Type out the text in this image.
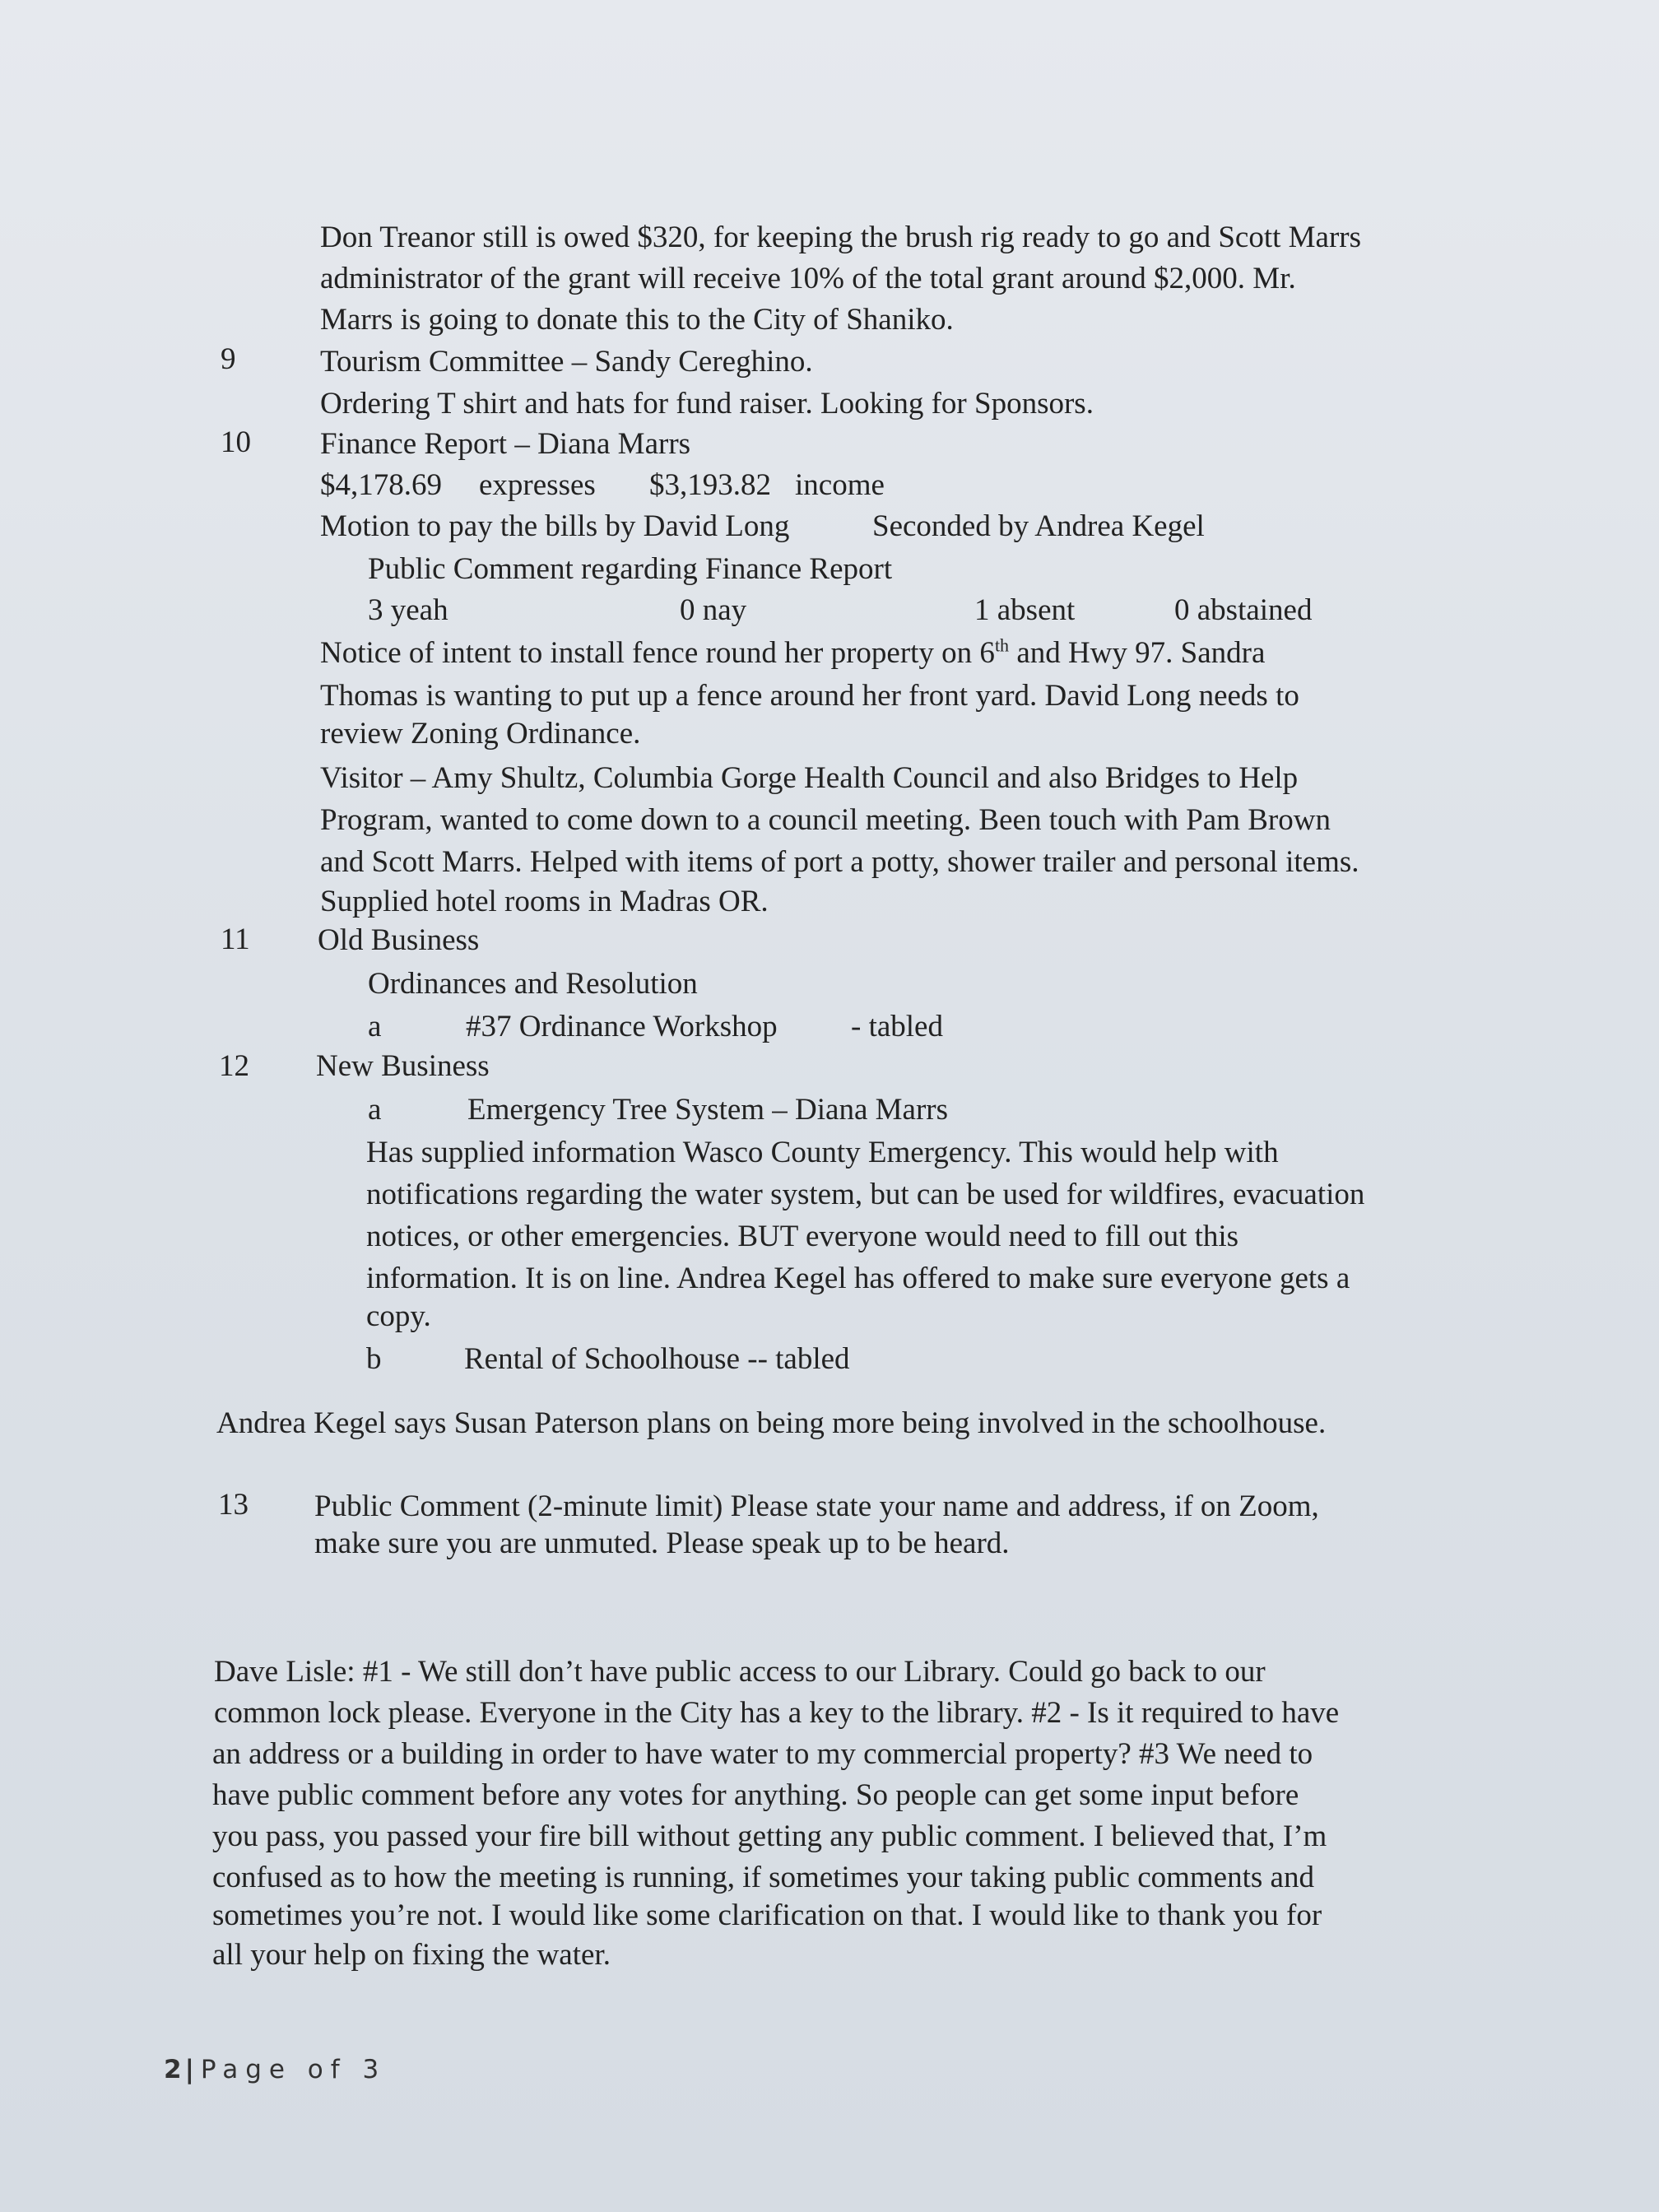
Don Treanor still is owed $320, for keeping the brush rig ready to go and Scott Marrs
administrator of the grant will receive 10% of the total grant around $2,000. Mr.
Marrs is going to donate this to the City of Shaniko.
9	Tourism Committee – Sandy Cereghino.
Ordering T shirt and hats for fund raiser. Looking for Sponsors.
10 Finance Report – Diana Marrs
$4,178.69 expresses $3,193.82 income
Motion to pay the bills by David Long	Seconded by Andrea Kegel
Public Comment regarding Finance Report
3 yeah	0 nay	1 absent	0 abstained
Notice of intent to install fence round her property on 6th and Hwy 97. Sandra
Thomas is wanting to put up a fence around her front yard. David Long needs to
review Zoning Ordinance.
Visitor – Amy Shultz, Columbia Gorge Health Council and also Bridges to Help
Program, wanted to come down to a council meeting. Been touch with Pam Brown
and Scott Marrs. Helped with items of port a potty, shower trailer and personal items.
Supplied hotel rooms in Madras OR.
11 Old Business
Ordinances and Resolution
a	#37 Ordinance Workshop - tabled
12 New Business
a	Emergency Tree System – Diana Marrs
Has supplied information Wasco County Emergency. This would help with
notifications regarding the water system, but can be used for wildfires, evacuation
notices, or other emergencies. BUT everyone would need to fill out this
information. It is on line. Andrea Kegel has offered to make sure everyone gets a
copy.
b	Rental of Schoolhouse -- tabled
Andrea Kegel says Susan Paterson plans on being more being involved in the schoolhouse.
13 Public Comment (2-minute limit) Please state your name and address, if on Zoom,
make sure you are unmuted. Please speak up to be heard.
Dave Lisle: #1 - We still don’t have public access to our Library. Could go back to our
common lock please. Everyone in the City has a key to the library. #2 - Is it required to have
an address or a building in order to have water to my commercial property? #3 We need to
have public comment before any votes for anything. So people can get some input before
you pass, you passed your fire bill without getting any public comment. I believed that, I’m
confused as to how the meeting is running, if sometimes your taking public comments and
sometimes you’re not. I would like some clarification on that. I would like to thank you for
all your help on fixing the water.
2 | Page of 3
